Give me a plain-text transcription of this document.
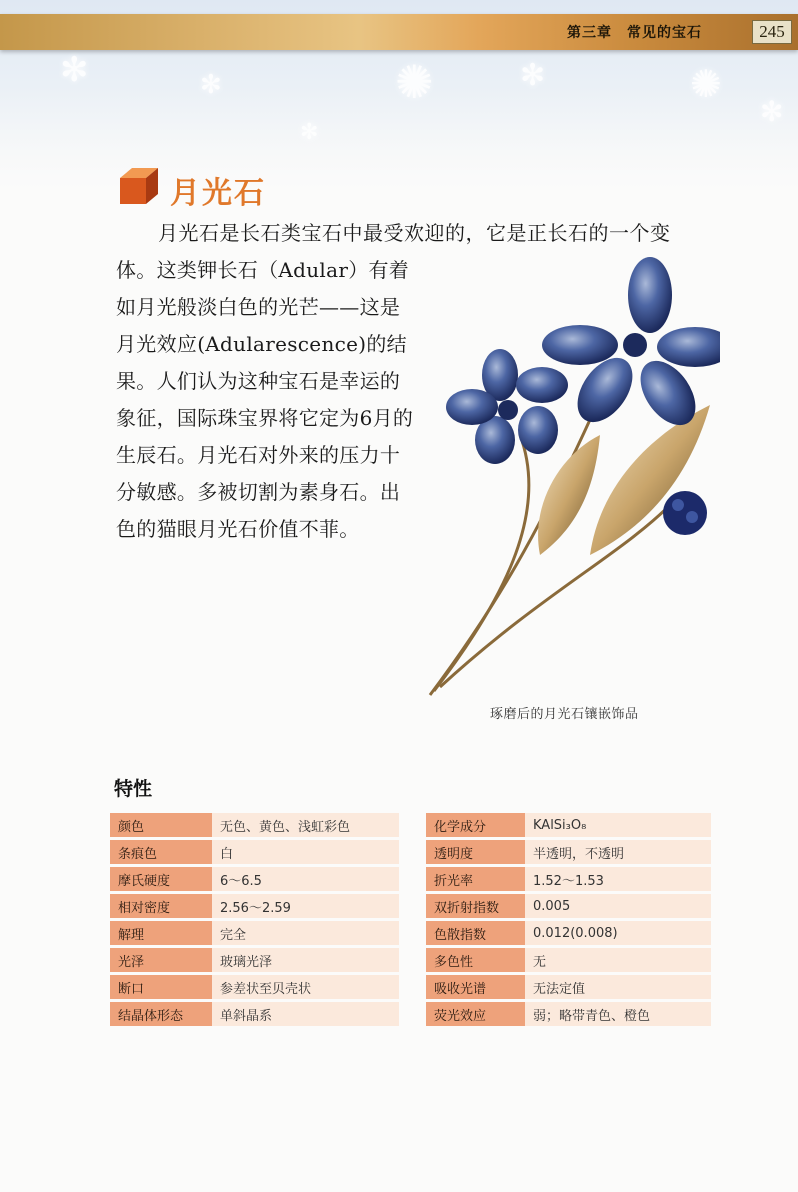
✻	✻	✺	✻	✺
✻
✻
第三章　常见的宝石	245
月光石
月光石是长石类宝石中最受欢迎的，它是正长石的一个变
体。这类钾长石（Adular）有着如月光般淡白色的光芒——这是月光效应(Adularescence)的结果。人们认为这种宝石是幸运的象征，国际珠宝界将它定为6月的生辰石。月光石对外来的压力十分敏感。多被切割为素身石。出色的猫眼月光石价值不菲。
琢磨后的月光石镶嵌饰品
特性
颜色	无色、黄色、浅虹彩色
条痕色	白
摩氏硬度	6～6.5
相对密度	2.56～2.59
解理	完全
光泽	玻璃光泽
断口	参差状至贝壳状
结晶体形态	单斜晶系
化学成分	KAlSi₃O₈
透明度	半透明，不透明
折光率	1.52～1.53
双折射指数	0.005
色散指数	0.012(0.008)
多色性	无
吸收光谱	无法定值
荧光效应	弱；略带青色、橙色
